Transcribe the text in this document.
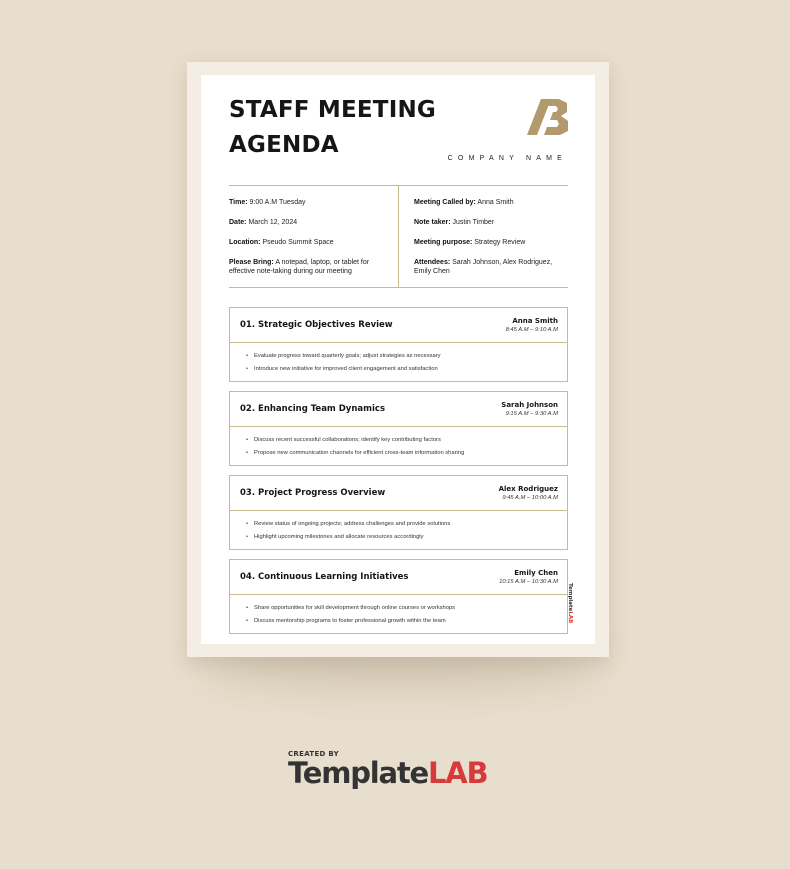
STAFF MEETING
AGENDA
COMPANY NAME
Time: 9:00 A.M Tuesday
Date: March 12, 2024
Location: Pseudo Summit Space
Please Bring: A notepad, laptop, or tablet for effective note-taking during our meeting
Meeting Called by: Anna Smith
Note taker: Justin Timber
Meeting purpose: Strategy Review
Attendees: Sarah Johnson, Alex Rodriguez, Emily Chen
01. Strategic Objectives Review	Anna Smith
8:45 A.M – 9:10 A.M
• Evaluate progress toward quarterly goals; adjust strategies as necessary
• Introduce new initiative for improved client engagement and satisfaction
02. Enhancing Team Dynamics	Sarah Johnson
9:15 A.M – 9:30 A.M
• Discuss recent successful collaborations; identify key contributing factors
• Propose new communication channels for efficient cross-team information sharing
03. Project Progress Overview	Alex Rodriguez
9:45 A.M – 10:00 A.M
• Review status of ongoing projects; address challenges and provide solutions
• Highlight upcoming milestones and allocate resources accordingly
04. Continuous Learning Initiatives	Emily Chen
10:15 A.M – 10:30 A.M
• Share opportunities for skill development through online courses or workshops
• Discuss mentorship programs to foster professional growth within the team
TemplateLAB
CREATED BY
TemplateLAB
